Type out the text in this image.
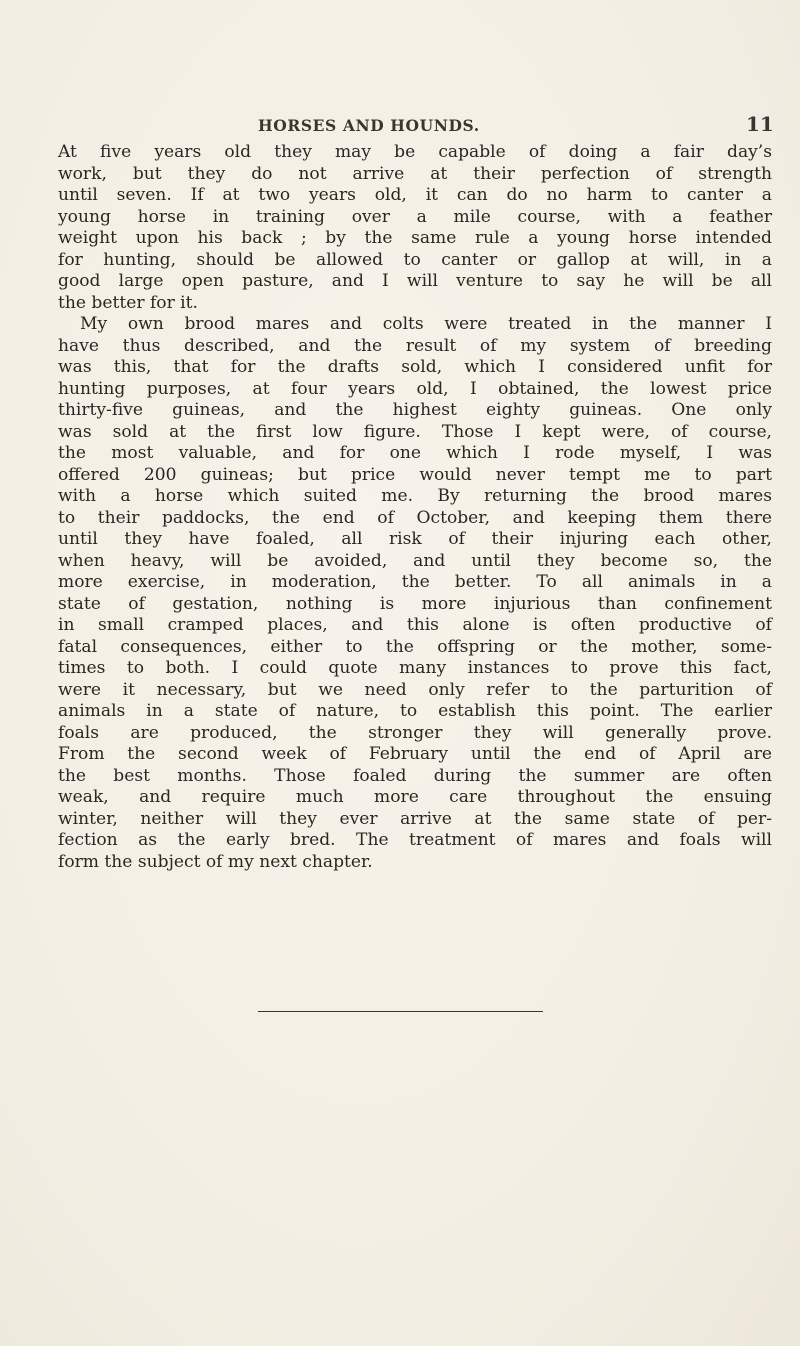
HORSES AND HOUNDS.	11
At five years old they may be capable of doing a fair day’s
work, but they do not arrive at their perfection of strength
until seven. If at two years old, it can do no harm to canter a
young horse in training over a mile course, with a feather
weight upon his back ; by the same rule a young horse intended
for hunting, should be allowed to canter or gallop at will, in a
good large open pasture, and I will venture to say he will be all
the better for it.
My own brood mares and colts were treated in the manner I
have thus described, and the result of my system of breeding
was this, that for the drafts sold, which I considered unfit for
hunting purposes, at four years old, I obtained, the lowest price
thirty-five guineas, and the highest eighty guineas. One only
was sold at the first low figure. Those I kept were, of course,
the most valuable, and for one which I rode myself, I was
offered 200 guineas; but price would never tempt me to part
with a horse which suited me. By returning the brood mares
to their paddocks, the end of October, and keeping them there
until they have foaled, all risk of their injuring each other,
when heavy, will be avoided, and until they become so, the
more exercise, in moderation, the better. To all animals in a
state of gestation, nothing is more injurious than confinement
in small cramped places, and this alone is often productive of
fatal consequences, either to the offspring or the mother, some-
times to both. I could quote many instances to prove this fact,
were it necessary, but we need only refer to the parturition of
animals in a state of nature, to establish this point. The earlier
foals are produced, the stronger they will generally prove.
From the second week of February until the end of April are
the best months. Those foaled during the summer are often
weak, and require much more care throughout the ensuing
winter, neither will they ever arrive at the same state of per-
fection as the early bred. The treatment of mares and foals will
form the subject of my next chapter.
